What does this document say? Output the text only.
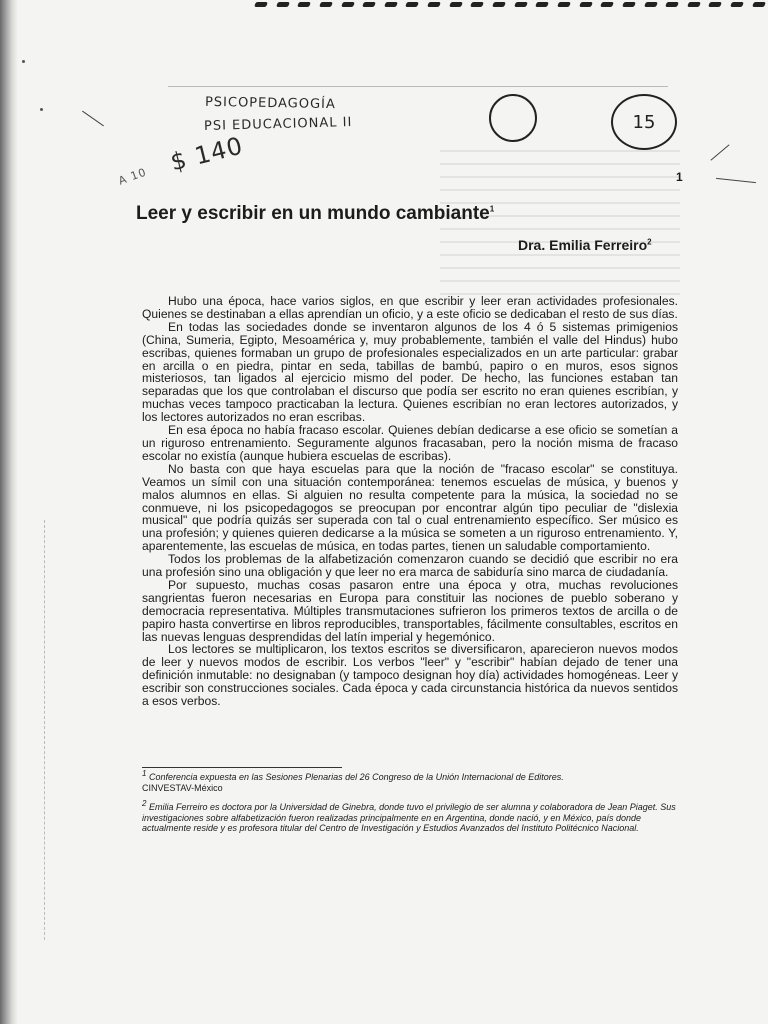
PSICOPEDAGOGÍA
PSI EDUCACIONAL II
A 10 $ 140
15
1
Leer y escribir en un mundo cambiante$^1$
Dra. Emilia Ferreiro$^2$

Hubo una época, hace varios siglos, en que escribir y leer eran actividades profesionales. Quienes se destinaban a ellas aprendían un oficio, y a este oficio se dedicaban el resto de sus días.

En todas las sociedades donde se inventaron algunos de los 4 ó 5 sistemas primigenios (China, Sumeria, Egipto, Mesoamérica y, muy probablemente, también el valle del Hindus) hubo escribas, quienes formaban un grupo de profesionales especializados en un arte particular: grabar en arcilla o en piedra, pintar en seda, tabillas de bambú, papiro o en muros, esos signos misteriosos, tan ligados al ejercicio mismo del poder. De hecho, las funciones estaban tan separadas que los que controlaban el discurso que podía ser escrito no eran quienes escribían, y muchas veces tampoco practicaban la lectura. Quienes escribían no eran lectores autorizados, y los lectores autorizados no eran escribas.

En esa época no había fracaso escolar. Quienes debían dedicarse a ese oficio se sometían a un riguroso entrenamiento. Seguramente algunos fracasaban, pero la noción misma de fracaso escolar no existía (aunque hubiera escuelas de escribas).

No basta con que haya escuelas para que la noción de "fracaso escolar" se constituya. Veamos un símil con una situación contemporánea: tenemos escuelas de música, y buenos y malos alumnos en ellas. Si alguien no resulta competente para la música, la sociedad no se conmueve, ni los psicopedagogos se preocupan por encontrar algún tipo peculiar de "dislexia musical" que podría quizás ser superada con tal o cual entrenamiento específico. Ser músico es una profesión; y quienes quieren dedicarse a la música se someten a un riguroso entrenamiento. Y, aparentemente, las escuelas de música, en todas partes, tienen un saludable comportamiento.

Todos los problemas de la alfabetización comenzaron cuando se decidió que escribir no era una profesión sino una obligación y que leer no era marca de sabiduría sino marca de ciudadanía.

Por supuesto, muchas cosas pasaron entre una época y otra, muchas revoluciones sangrientas fueron necesarias en Europa para constituir las nociones de pueblo soberano y democracia representativa. Múltiples transmutaciones sufrieron los primeros textos de arcilla o de papiro hasta convertirse en libros reproducibles, transportables, fácilmente consultables, escritos en las nuevas lenguas desprendidas del latín imperial y hegemónico.

Los lectores se multiplicaron, los textos escritos se diversificaron, aparecieron nuevos modos de leer y nuevos modos de escribir. Los verbos "leer" y "escribir" habían dejado de tener una definición inmutable: no designaban (y tampoco designan hoy día) actividades homogéneas. Leer y escribir son construcciones sociales. Cada época y cada circunstancia histórica da nuevos sentidos a esos verbos.

$^1$ Conferencia expuesta en las Sesiones Plenarias del 26 Congreso de la Unión Internacional de Editores.
CINVESTAV-México
$^2$ Emilia Ferreiro es doctora por la Universidad de Ginebra, donde tuvo el privilegio de ser alumna y colaboradora de Jean Piaget. Sus investigaciones sobre alfabetización fueron realizadas principalmente en en Argentina, donde nació, y en México, país donde actualmente reside y es profesora titular del Centro de Investigación y Estudios Avanzados del Instituto Politécnico Nacional.
